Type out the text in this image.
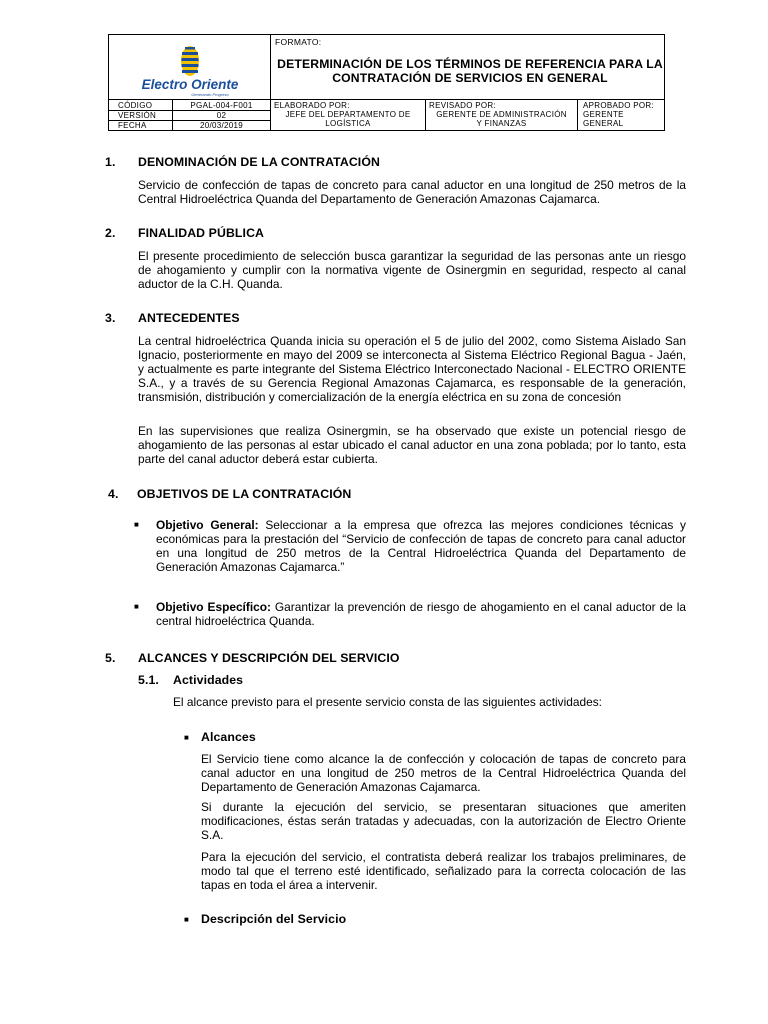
Electro Oriente
Generando Progreso
FORMATO:
DETERMINACIÓN DE LOS TÉRMINOS DE REFERENCIA PARA LA
CONTRATACIÓN DE SERVICIOS EN GENERAL
CÓDIGO	PGAL-004-F001
VERSIÓN	02
FECHA	20/03/2019
ELABORADO POR:
JEFE DEL DEPARTAMENTO DE
LOGÍSTICA
REVISADO POR:
GERENTE DE ADMINISTRACIÓN
Y FINANZAS
APROBADO POR:
GERENTE GENERAL
1. DENOMINACIÓN DE LA CONTRATACIÓN

Servicio de confección de tapas de concreto para canal aductor en una longitud de 250 metros de la Central Hidroeléctrica Quanda del Departamento de Generación Amazonas Cajamarca.

2. FINALIDAD PÚBLICA

El presente procedimiento de selección busca garantizar la seguridad de las personas ante un riesgo de ahogamiento y cumplir con la normativa vigente de Osinergmin en seguridad, respecto al canal aductor de la C.H. Quanda.

3. ANTECEDENTES

La central hidroeléctrica Quanda inicia su operación el 5 de julio del 2002, como Sistema Aislado San Ignacio, posteriormente en mayo del 2009 se interconecta al Sistema Eléctrico Regional Bagua - Jaén, y actualmente es parte integrante del Sistema Eléctrico Interconectado Nacional - ELECTRO ORIENTE S.A., y a través de su Gerencia Regional Amazonas Cajamarca, es responsable de la generación, transmisión, distribución y comercialización de la energía eléctrica en su zona de concesión

En las supervisiones que realiza Osinergmin, se ha observado que existe un potencial riesgo de ahogamiento de las personas al estar ubicado el canal aductor en una zona poblada; por lo tanto, esta parte del canal aductor deberá estar cubierta.

4. OBJETIVOS DE LA CONTRATACIÓN
■ Objetivo General: Seleccionar a la empresa que ofrezca las mejores condiciones técnicas y económicas para la prestación del “Servicio de confección de tapas de concreto para canal aductor en una longitud de 250 metros de la Central Hidroeléctrica Quanda del Departamento de Generación Amazonas Cajamarca.”

■ Objetivo Específico: Garantizar la prevención de riesgo de ahogamiento en el canal aductor de la central hidroeléctrica Quanda.

5. ALCANCES Y DESCRIPCIÓN DEL SERVICIO
5.1. Actividades

El alcance previsto para el presente servicio consta de las siguientes actividades:

■ Alcances

El Servicio tiene como alcance la de confección y colocación de tapas de concreto para canal aductor en una longitud de 250 metros de la Central Hidroeléctrica Quanda del Departamento de Generación Amazonas Cajamarca.

Si durante la ejecución del servicio, se presentaran situaciones que ameriten modificaciones, éstas serán tratadas y adecuadas, con la autorización de Electro Oriente S.A.

Para la ejecución del servicio, el contratista deberá realizar los trabajos preliminares, de modo tal que el terreno esté identificado, señalizado para la correcta colocación de las tapas en toda el área a intervenir.

■ Descripción del Servicio
